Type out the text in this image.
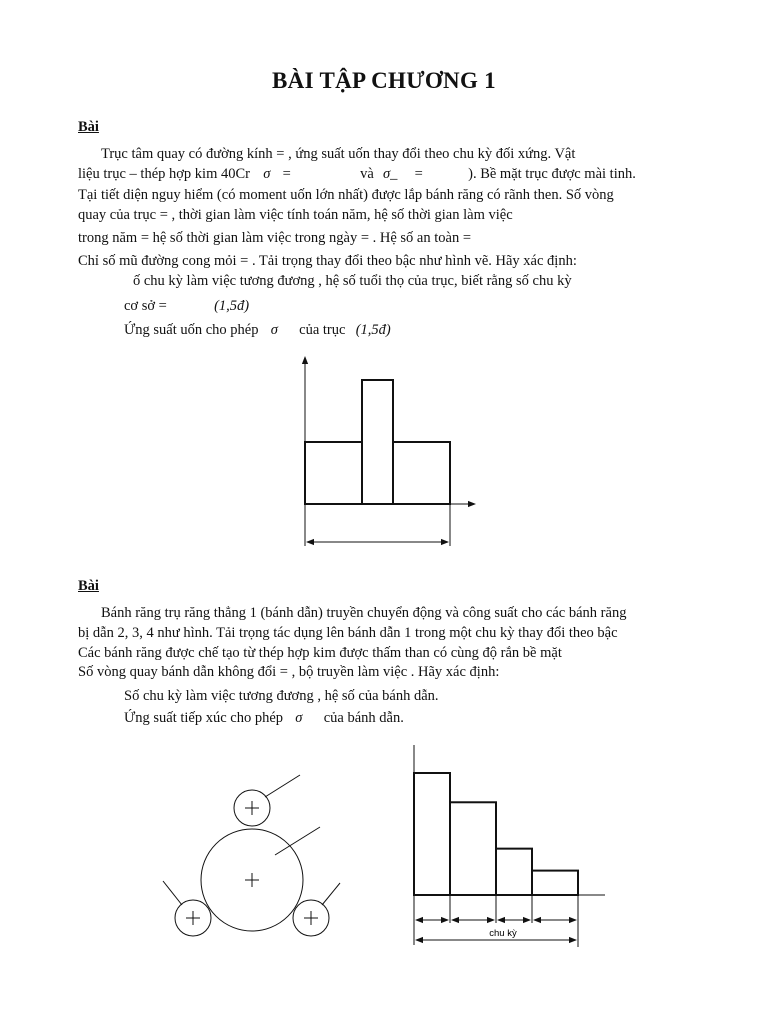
BÀI TẬP CHƯƠNG 1
Bài
Trục tâm quay có đường kính = , ứng suất uốn thay đổi theo chu kỳ đối xứng. Vật
liệu trục – thép hợp kim 40Cr σ =	và σ_ =	). Bề mặt trục được mài tinh.
Tại tiết diện nguy hiểm (có moment uốn lớn nhất) được lắp bánh răng có rãnh then. Số vòng
quay của trục = , thời gian làm việc tính toán năm, hệ số thời gian làm việc
trong năm = hệ số thời gian làm việc trong ngày = . Hệ số an toàn =
Chỉ số mũ đường cong mỏi = . Tải trọng thay đổi theo bậc như hình vẽ. Hãy xác định:
ố chu kỳ làm việc tương đương , hệ số tuổi thọ của trục, biết rằng số chu kỳ
cơ sở =	(1,5đ)
Ứng suất uốn cho phép σ của trục (1,5đ)
Bài
Bánh răng trụ răng thẳng 1 (bánh dẫn) truyền chuyển động và công suất cho các bánh răng
bị dẫn 2, 3, 4 như hình. Tải trọng tác dụng lên bánh dẫn 1 trong một chu kỳ thay đổi theo bậc
Các bánh răng được chế tạo từ thép hợp kim được thấm than có cùng độ rắn bề mặt
Số vòng quay bánh dẫn không đổi = , bộ truyền làm việc . Hãy xác định:
Số chu kỳ làm việc tương đương , hệ số của bánh dẫn.
Ứng suất tiếp xúc cho phép σ của bánh dẫn.
chu kỳ
